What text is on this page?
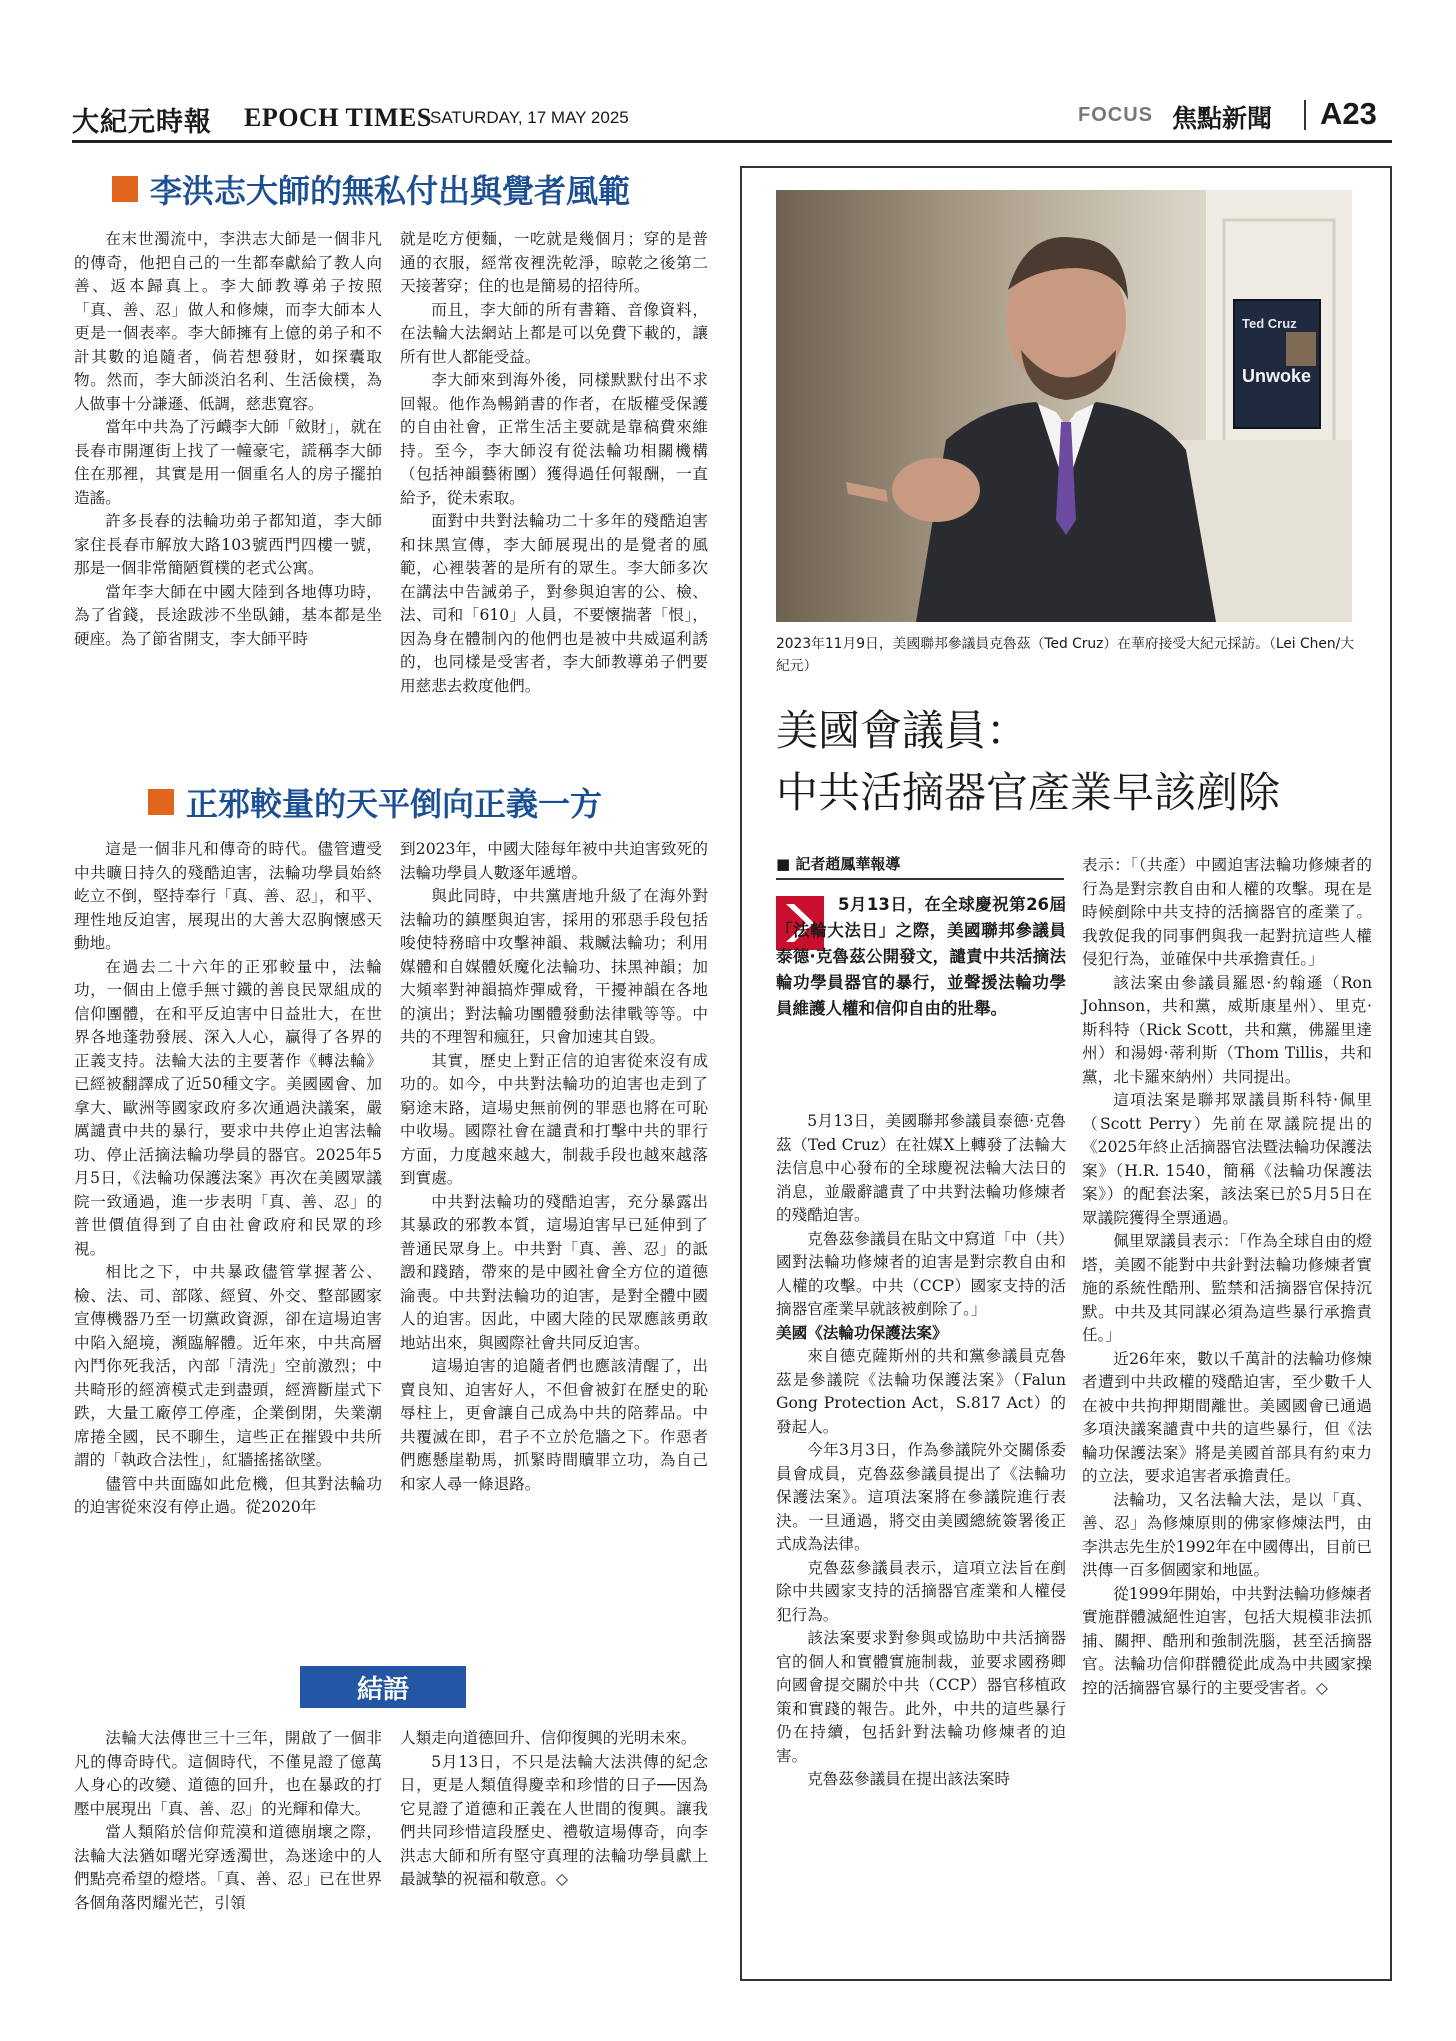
大紀元時報 EPOCH TIMES
SATURDAY, 17 MAY 2025	FOCUS 焦點新聞 A23
李洪志大師的無私付出與覺者風範

在末世濁流中，李洪志大師是一個非凡的傳奇，他把自己的一生都奉獻給了教人向善、返本歸真上。李大師教導弟子按照「真、善、忍」做人和修煉，而李大師本人更是一個表率。李大師擁有上億的弟子和不計其數的追隨者，倘若想發財，如探囊取物。然而，李大師淡泊名利、生活儉樸，為人做事十分謙遜、低調，慈悲寬容。

當年中共為了污衊李大師「斂財」，就在長春市開運街上找了一幢豪宅，謊稱李大師住在那裡，其實是用一個重名人的房子擺拍造謠。

許多長春的法輪功弟子都知道，李大師家住長春市解放大路103號西門四樓一號，那是一個非常簡陋質樸的老式公寓。

當年李大師在中國大陸到各地傳功時，為了省錢，長途跋涉不坐臥鋪，基本都是坐硬座。為了節省開支，李大師平時

就是吃方便麵，一吃就是幾個月；穿的是普通的衣服，經常夜裡洗乾淨，晾乾之後第二天接著穿；住的也是簡易的招待所。

而且，李大師的所有書籍、音像資料，在法輪大法網站上都是可以免費下載的，讓所有世人都能受益。

李大師來到海外後，同樣默默付出不求回報。他作為暢銷書的作者，在版權受保護的自由社會，正常生活主要就是靠稿費來維持。至今，李大師沒有從法輪功相關機構（包括神韻藝術團）獲得過任何報酬，一直給予，從未索取。

面對中共對法輪功二十多年的殘酷迫害和抹黑宣傳，李大師展現出的是覺者的風範，心裡裝著的是所有的眾生。李大師多次在講法中告誡弟子，對參與迫害的公、檢、法、司和「610」人員，不要懷揣著「恨」，因為身在體制內的他們也是被中共威逼利誘的，也同樣是受害者，李大師教導弟子們要用慈悲去救度他們。

正邪較量的天平倒向正義一方

這是一個非凡和傳奇的時代。儘管遭受中共曠日持久的殘酷迫害，法輪功學員始終屹立不倒，堅持奉行「真、善、忍」，和平、理性地反迫害，展現出的大善大忍胸懷感天動地。

在過去二十六年的正邪較量中，法輪功，一個由上億手無寸鐵的善良民眾組成的信仰團體，在和平反迫害中日益壯大，在世界各地蓬勃發展、深入人心，贏得了各界的正義支持。法輪大法的主要著作《轉法輪》已經被翻譯成了近50種文字。美國國會、加拿大、歐洲等國家政府多次通過決議案，嚴厲譴責中共的暴行，要求中共停止迫害法輪功、停止活摘法輪功學員的器官。2025年5月5日，《法輪功保護法案》再次在美國眾議院一致通過，進一步表明「真、善、忍」的普世價值得到了自由社會政府和民眾的珍視。

相比之下，中共暴政儘管掌握著公、檢、法、司、部隊、經貿、外交、整部國家宣傳機器乃至一切黨政資源，卻在這場迫害中陷入絕境，瀕臨解體。近年來，中共高層內鬥你死我活，內部「清洗」空前激烈；中共畸形的經濟模式走到盡頭，經濟斷崖式下跌，大量工廠停工停產，企業倒閉，失業潮席捲全國，民不聊生，這些正在摧毀中共所謂的「執政合法性」，紅牆搖搖欲墜。

儘管中共面臨如此危機，但其對法輪功的迫害從來沒有停止過。從2020年

到2023年，中國大陸每年被中共迫害致死的法輪功學員人數逐年遞增。

與此同時，中共黨唐地升級了在海外對法輪功的鎮壓與迫害，採用的邪惡手段包括唆使特務暗中攻擊神韻、栽贓法輪功；利用媒體和自媒體妖魔化法輪功、抹黑神韻；加大頻率對神韻搞炸彈威脅，干擾神韻在各地的演出；對法輪功團體發動法律戰等等。中共的不理智和瘋狂，只會加速其自毀。

其實，歷史上對正信的迫害從來沒有成功的。如今，中共對法輪功的迫害也走到了窮途末路，這場史無前例的罪惡也將在可恥中收場。國際社會在譴責和打擊中共的罪行方面，力度越來越大，制裁手段也越來越落到實處。

中共對法輪功的殘酷迫害，充分暴露出其暴政的邪教本質，這場迫害早已延伸到了普通民眾身上。中共對「真、善、忍」的詆譭和踐踏，帶來的是中國社會全方位的道德淪喪。中共對法輪功的迫害，是對全體中國人的迫害。因此，中國大陸的民眾應該勇敢地站出來，與國際社會共同反迫害。

這場迫害的追隨者們也應該清醒了，出賣良知、迫害好人，不但會被釘在歷史的恥辱柱上，更會讓自己成為中共的陪葬品。中共覆滅在即，君子不立於危牆之下。作惡者們應懸崖勒馬，抓緊時間贖罪立功，為自己和家人尋一條退路。

結語

法輪大法傳世三十三年，開啟了一個非凡的傳奇時代。這個時代，不僅見證了億萬人身心的改變、道德的回升，也在暴政的打壓中展現出「真、善、忍」的光輝和偉大。

當人類陷於信仰荒漠和道德崩壞之際，法輪大法猶如曙光穿透濁世，為迷途中的人們點亮希望的燈塔。「真、善、忍」已在世界各個角落閃耀光芒，引領

人類走向道德回升、信仰復興的光明未來。

5月13日，不只是法輪大法洪傳的紀念日，更是人類值得慶幸和珍惜的日子──因為它見證了道德和正義在人世間的復興。讓我們共同珍惜這段歷史、禮敬這場傳奇，向李洪志大師和所有堅守真理的法輪功學員獻上最誠摯的祝福和敬意。◇

Ted Cruz
Unwoke
2023年11月9日，美國聯邦參議員克魯茲（Ted Cruz）在華府接受大紀元採訪。（Lei Chen/大紀元）
美國會議員：
中共活摘器官產業早該剷除
■ 記者趙鳳華報導
5月13日，在全球慶祝第26屆「法輪大法日」之際，美國聯邦參議員泰德·克魯茲公開發文，譴責中共活摘法輪功學員器官的暴行，並聲援法輪功學員維護人權和信仰自由的壯舉。

5月13日，美國聯邦參議員泰德·克魯茲（Ted Cruz）在社媒X上轉發了法輪大法信息中心發布的全球慶祝法輪大法日的消息，並嚴辭譴責了中共對法輪功修煉者的殘酷迫害。

克魯茲參議員在貼文中寫道「中（共）國對法輪功修煉者的迫害是對宗教自由和人權的攻擊。中共（CCP）國家支持的活摘器官產業早就該被剷除了。」

美國《法輪功保護法案》

來自德克薩斯州的共和黨參議員克魯茲是參議院《法輪功保護法案》（Falun Gong Protection Act，S.817 Act）的發起人。

今年3月3日，作為參議院外交關係委員會成員，克魯茲參議員提出了《法輪功保護法案》。這項法案將在參議院進行表決。一旦通過，將交由美國總統簽署後正式成為法律。

克魯茲參議員表示，這項立法旨在剷除中共國家支持的活摘器官產業和人權侵犯行為。

該法案要求對參與或協助中共活摘器官的個人和實體實施制裁，並要求國務卿向國會提交關於中共（CCP）器官移植政策和實踐的報告。此外，中共的這些暴行仍在持續，包括針對法輪功修煉者的迫害。

克魯茲參議員在提出該法案時

表示：「（共產）中國迫害法輪功修煉者的行為是對宗教自由和人權的攻擊。現在是時候剷除中共支持的活摘器官的產業了。我敦促我的同事們與我一起對抗這些人權侵犯行為，並確保中共承擔責任。」

該法案由參議員羅恩·約翰遜（Ron Johnson，共和黨，威斯康星州）、里克·斯科特（Rick Scott，共和黨，佛羅里達州）和湯姆·蒂利斯（Thom Tillis，共和黨，北卡羅來納州）共同提出。

這項法案是聯邦眾議員斯科特·佩里（Scott Perry）先前在眾議院提出的《2025年終止活摘器官法暨法輪功保護法案》（H.R. 1540，簡稱《法輪功保護法案》）的配套法案，該法案已於5月5日在眾議院獲得全票通過。

佩里眾議員表示：「作為全球自由的燈塔，美國不能對中共針對法輪功修煉者實施的系統性酷刑、監禁和活摘器官保持沉默。中共及其同謀必須為這些暴行承擔責任。」

近26年來，數以千萬計的法輪功修煉者遭到中共政權的殘酷迫害，至少數千人在被中共拘押期間離世。美國國會已通過多項決議案譴責中共的這些暴行，但《法輪功保護法案》將是美國首部具有約束力的立法，要求追害者承擔責任。

法輪功，又名法輪大法，是以「真、善、忍」為修煉原則的佛家修煉法門，由李洪志先生於1992年在中國傳出，目前已洪傳一百多個國家和地區。

從1999年開始，中共對法輪功修煉者實施群體滅絕性迫害，包括大規模非法抓捕、關押、酷刑和強制洗腦，甚至活摘器官。法輪功信仰群體從此成為中共國家操控的活摘器官暴行的主要受害者。◇
